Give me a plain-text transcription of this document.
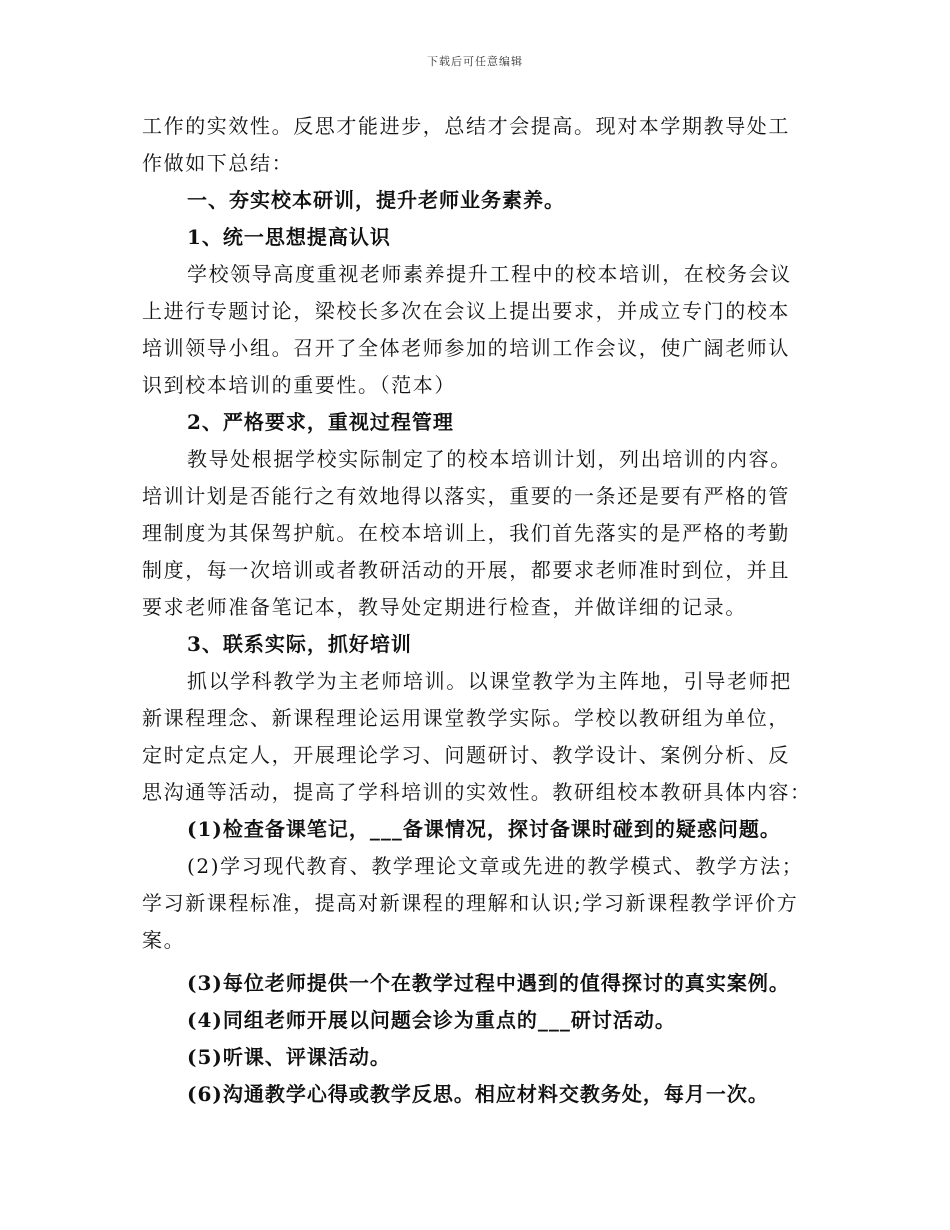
下载后可任意编辑
工作的实效性。反思才能进步，总结才会提高。现对本学期教导处工
作做如下总结：
一、夯实校本研训，提升老师业务素养。
1、统一思想提高认识
学校领导高度重视老师素养提升工程中的校本培训，在校务会议
上进行专题讨论，梁校长多次在会议上提出要求，并成立专门的校本
培训领导小组。召开了全体老师参加的培训工作会议，使广阔老师认
识到校本培训的重要性。（范本）
2、严格要求，重视过程管理
教导处根据学校实际制定了的校本培训计划，列出培训的内容。
培训计划是否能行之有效地得以落实，重要的一条还是要有严格的管
理制度为其保驾护航。在校本培训上，我们首先落实的是严格的考勤
制度，每一次培训或者教研活动的开展，都要求老师准时到位，并且
要求老师准备笔记本，教导处定期进行检查，并做详细的记录。
3、联系实际，抓好培训
抓以学科教学为主老师培训。以课堂教学为主阵地，引导老师把
新课程理念、新课程理论运用课堂教学实际。学校以教研组为单位，
定时定点定人，开展理论学习、问题研讨、教学设计、案例分析、反
思沟通等活动，提高了学科培训的实效性。教研组校本教研具体内容：
(1)检查备课笔记，___备课情况，探讨备课时碰到的疑惑问题。
(2)学习现代教育、教学理论文章或先进的教学模式、教学方法；
学习新课程标准，提高对新课程的理解和认识;学习新课程教学评价方
案。
(3)每位老师提供一个在教学过程中遇到的值得探讨的真实案例。
(4)同组老师开展以问题会诊为重点的___研讨活动。
(5)听课、评课活动。
(6)沟通教学心得或教学反思。相应材料交教务处，每月一次。
